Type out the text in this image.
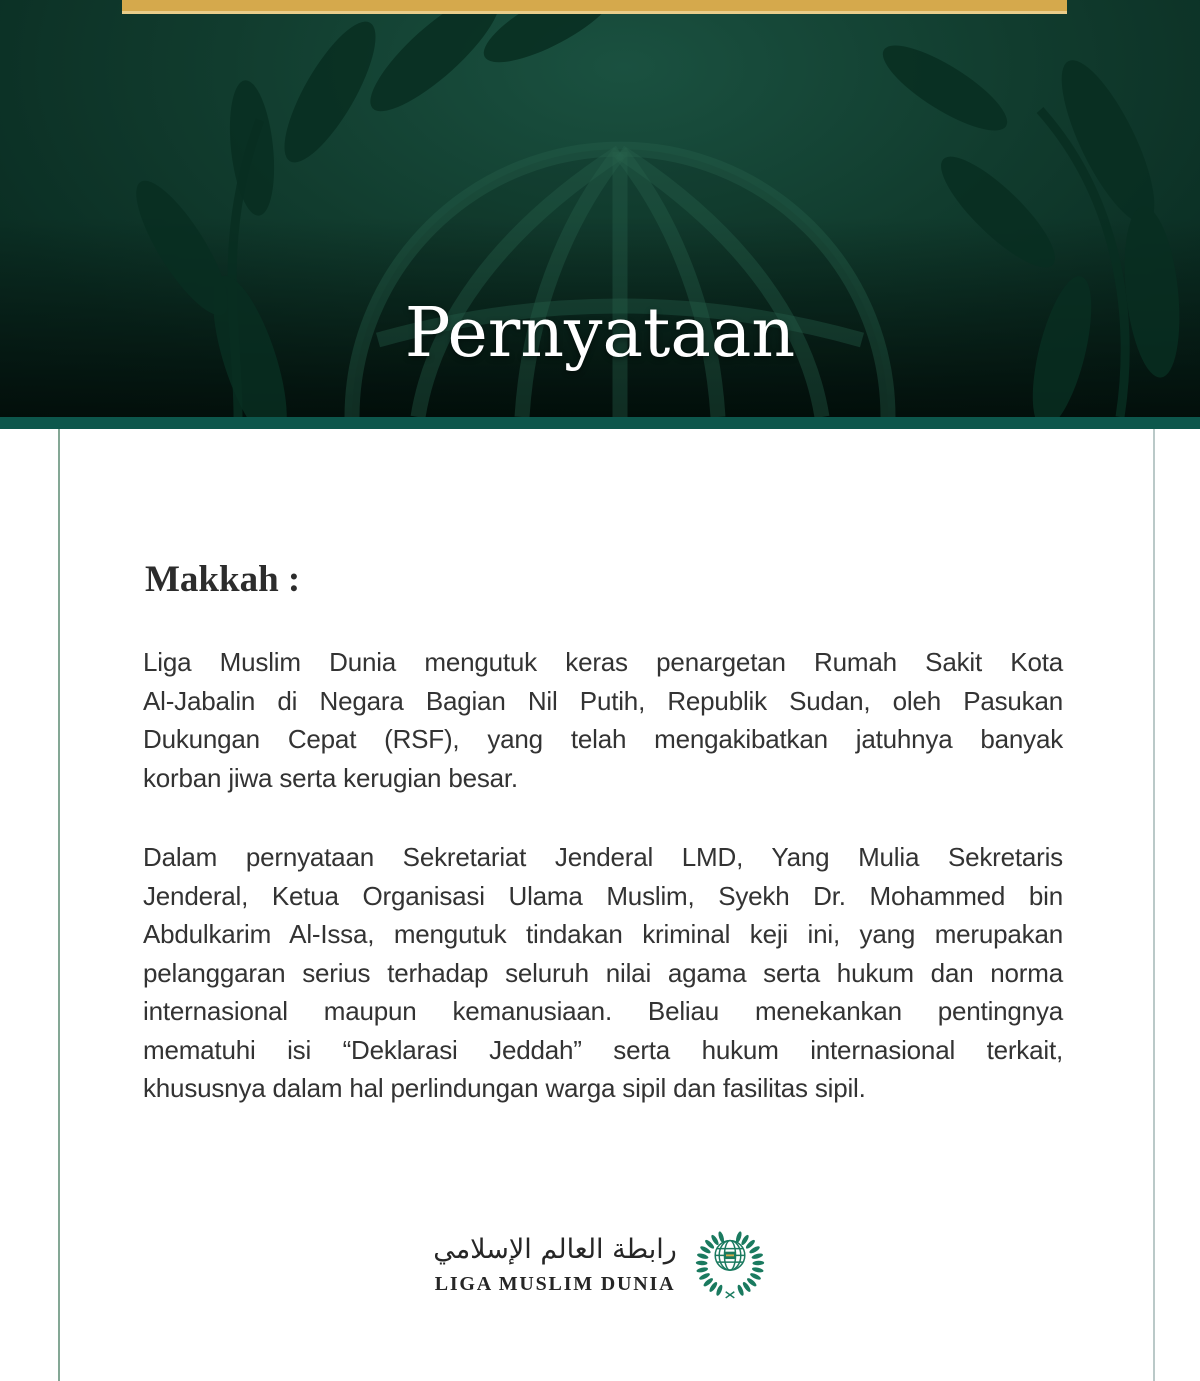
Pernyataan
Makkah :
Liga Muslim Dunia mengutuk keras penargetan Rumah Sakit Kota
Al-Jabalin di Negara Bagian Nil Putih, Republik Sudan, oleh Pasukan
Dukungan Cepat (RSF), yang telah mengakibatkan jatuhnya banyak
korban jiwa serta kerugian besar.
Dalam pernyataan Sekretariat Jenderal LMD, Yang Mulia Sekretaris
Jenderal, Ketua Organisasi Ulama Muslim, Syekh Dr. Mohammed bin
Abdulkarim Al-Issa, mengutuk tindakan kriminal keji ini, yang merupakan
pelanggaran serius terhadap seluruh nilai agama serta hukum dan norma
internasional maupun kemanusiaan. Beliau menekankan pentingnya
mematuhi isi “Deklarasi Jeddah” serta hukum internasional terkait,
khususnya dalam hal perlindungan warga sipil dan fasilitas sipil.
رابطة العالم الإسلامي
LIGA MUSLIM DUNIA
